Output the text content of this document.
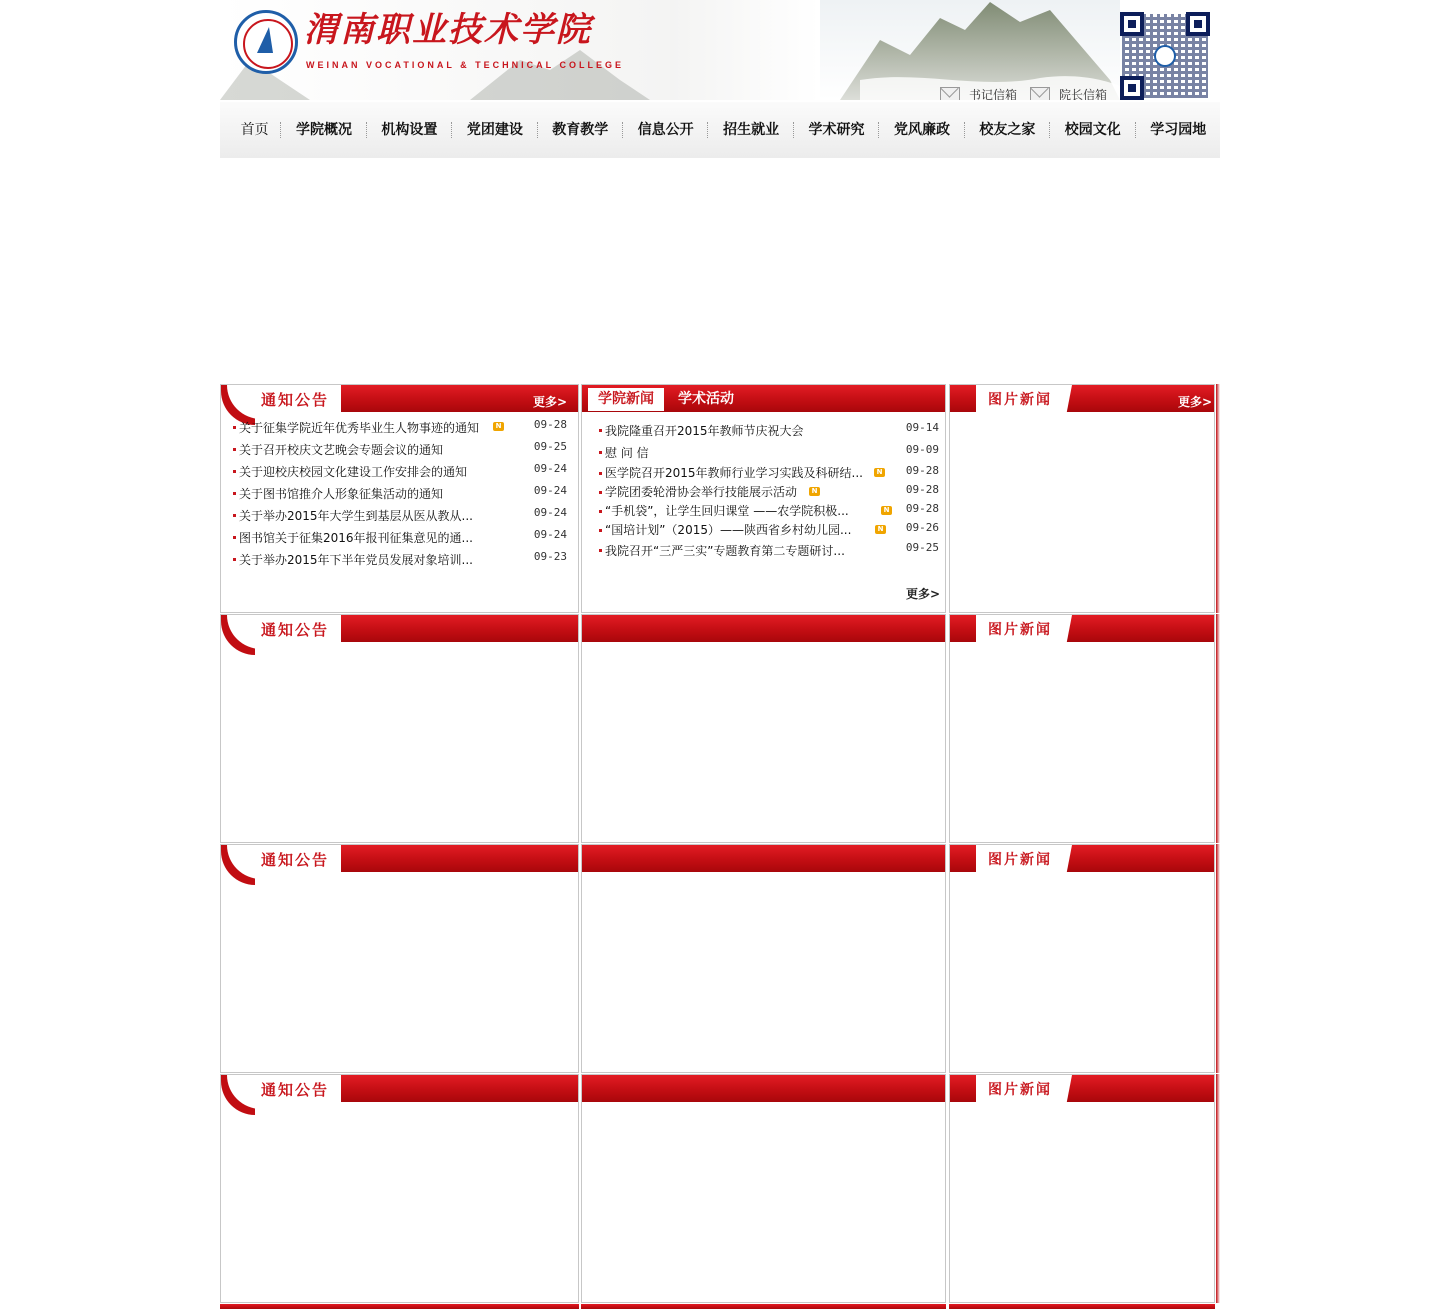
渭南职业技术学院
WEINAN VOCATIONAL & TECHNICAL COLLEGE
书记信箱	院长信箱
首页	学院概况	机构设置	党团建设	教育教学	信息公开	招生就业	学术研究	党风廉政	校友之家	校园文化	学习园地
通知公告	更多>
关于征集学院近年优秀毕业生人物事迹的通知	N	09-28
关于召开校庆文艺晚会专题会议的通知	09-25
关于迎校庆校园文化建设工作安排会的通知	09-24
关于图书馆推介人形象征集活动的通知	09-24
关于举办2015年大学生到基层从医从教从...	09-24
图书馆关于征集2016年报刊征集意见的通...	09-24
关于举办2015年下半年党员发展对象培训...	09-23
学院新闻	学术活动
我院隆重召开2015年教师节庆祝大会	09-14
慰 问 信	09-09
医学院召开2015年教师行业学习实践及科研结...	N 09-28
学院团委轮滑协会举行技能展示活动	N	09-28
“手机袋”，让学生回归课堂 ——农学院积极...	N 09-28
“国培计划”（2015）——陕西省乡村幼儿园...	N 09-26
我院召开“三严三实”专题教育第二专题研讨...	09-25
更多>
图片新闻	更多>
通知公告	图片新闻
通知公告	图片新闻
通知公告	图片新闻
